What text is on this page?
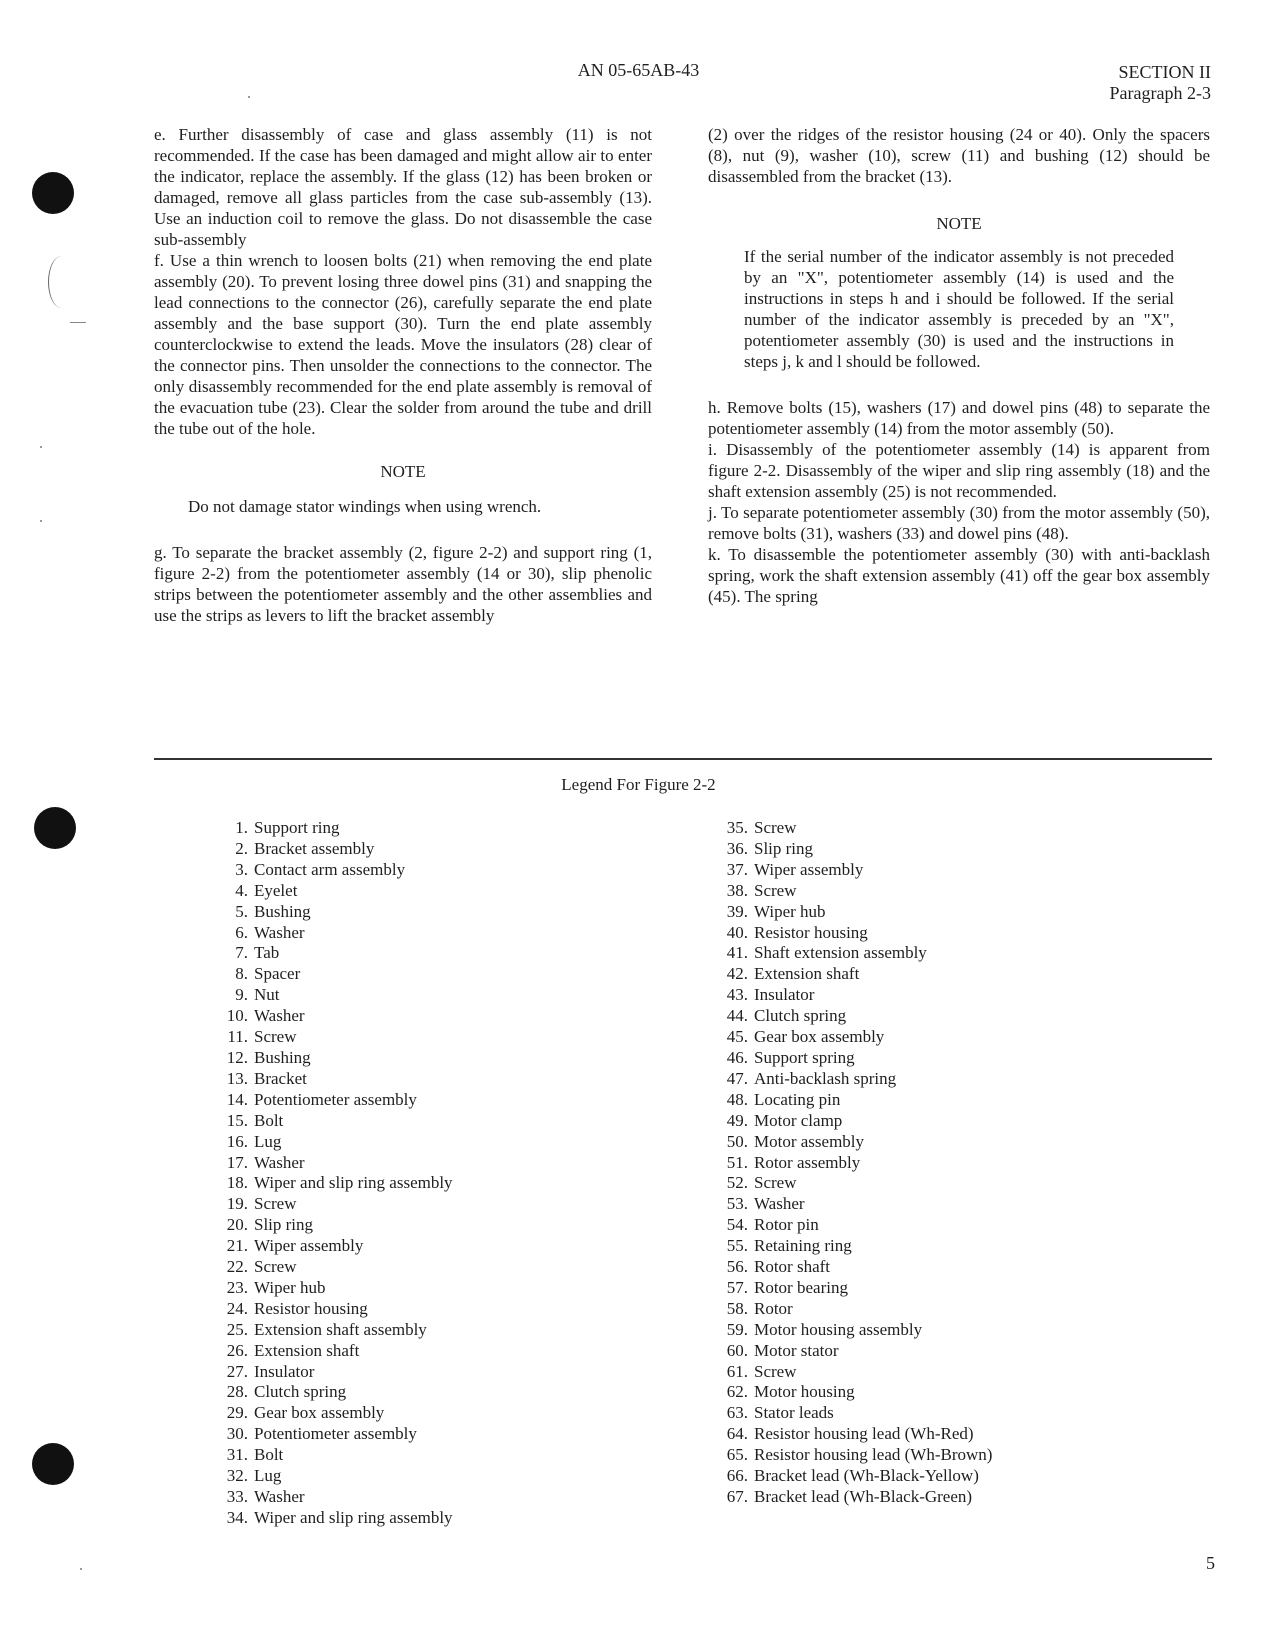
AN 05-65AB-43	SECTION II
Paragraph 2-3

e. Further disassembly of case and glass assembly (11) is not recommended. If the case has been damaged and might allow air to enter the indicator, replace the assembly. If the glass (12) has been broken or damaged, remove all glass particles from the case sub-assembly (13). Use an induction coil to remove the glass. Do not disassemble the case sub-assembly

f. Use a thin wrench to loosen bolts (21) when removing the end plate assembly (20). To prevent losing three dowel pins (31) and snapping the lead connections to the connector (26), carefully separate the end plate assembly and the base support (30). Turn the end plate assembly counterclockwise to extend the leads. Move the insulators (28) clear of the connector pins. Then unsolder the connections to the connector. The only disassembly recommended for the end plate assembly is removal of the evacuation tube (23). Clear the solder from around the tube and drill the tube out of the hole.

NOTE

Do not damage stator windings when using wrench.

g. To separate the bracket assembly (2, figure 2-2) and support ring (1, figure 2-2) from the potentiometer assembly (14 or 30), slip phenolic strips between the potentiometer assembly and the other assemblies and use the strips as levers to lift the bracket assembly

(2) over the ridges of the resistor housing (24 or 40). Only the spacers (8), nut (9), washer (10), screw (11) and bushing (12) should be disassembled from the bracket (13).

NOTE

If the serial number of the indicator assembly is not preceded by an "X", potentiometer assembly (14) is used and the instructions in steps h and i should be followed. If the serial number of the indicator assembly is preceded by an "X", potentiometer assembly (30) is used and the instructions in steps j, k and l should be followed.

h. Remove bolts (15), washers (17) and dowel pins (48) to separate the potentiometer assembly (14) from the motor assembly (50).

i. Disassembly of the potentiometer assembly (14) is apparent from figure 2-2. Disassembly of the wiper and slip ring assembly (18) and the shaft extension assembly (25) is not recommended.

j. To separate potentiometer assembly (30) from the motor assembly (50), remove bolts (31), washers (33) and dowel pins (48).

k. To disassemble the potentiometer assembly (30) with anti-backlash spring, work the shaft extension assembly (41) off the gear box assembly (45). The spring

Legend For Figure 2-2
1. Support ring
2. Bracket assembly
3. Contact arm assembly
4. Eyelet
5. Bushing
6. Washer
7. Tab
8. Spacer
9. Nut
10. Washer
11. Screw
12. Bushing
13. Bracket
14. Potentiometer assembly
15. Bolt
16. Lug
17. Washer
18. Wiper and slip ring assembly
19. Screw
20. Slip ring
21. Wiper assembly
22. Screw
23. Wiper hub
24. Resistor housing
25. Extension shaft assembly
26. Extension shaft
27. Insulator
28. Clutch spring
29. Gear box assembly
30. Potentiometer assembly
31. Bolt
32. Lug
33. Washer
34. Wiper and slip ring assembly
35. Screw
36. Slip ring
37. Wiper assembly
38. Screw
39. Wiper hub
40. Resistor housing
41. Shaft extension assembly
42. Extension shaft
43. Insulator
44. Clutch spring
45. Gear box assembly
46. Support spring
47. Anti-backlash spring
48. Locating pin
49. Motor clamp
50. Motor assembly
51. Rotor assembly
52. Screw
53. Washer
54. Rotor pin
55. Retaining ring
56. Rotor shaft
57. Rotor bearing
58. Rotor
59. Motor housing assembly
60. Motor stator
61. Screw
62. Motor housing
63. Stator leads
64. Resistor housing lead (Wh-Red)
65. Resistor housing lead (Wh-Brown)
66. Bracket lead (Wh-Black-Yellow)
67. Bracket lead (Wh-Black-Green)
5
